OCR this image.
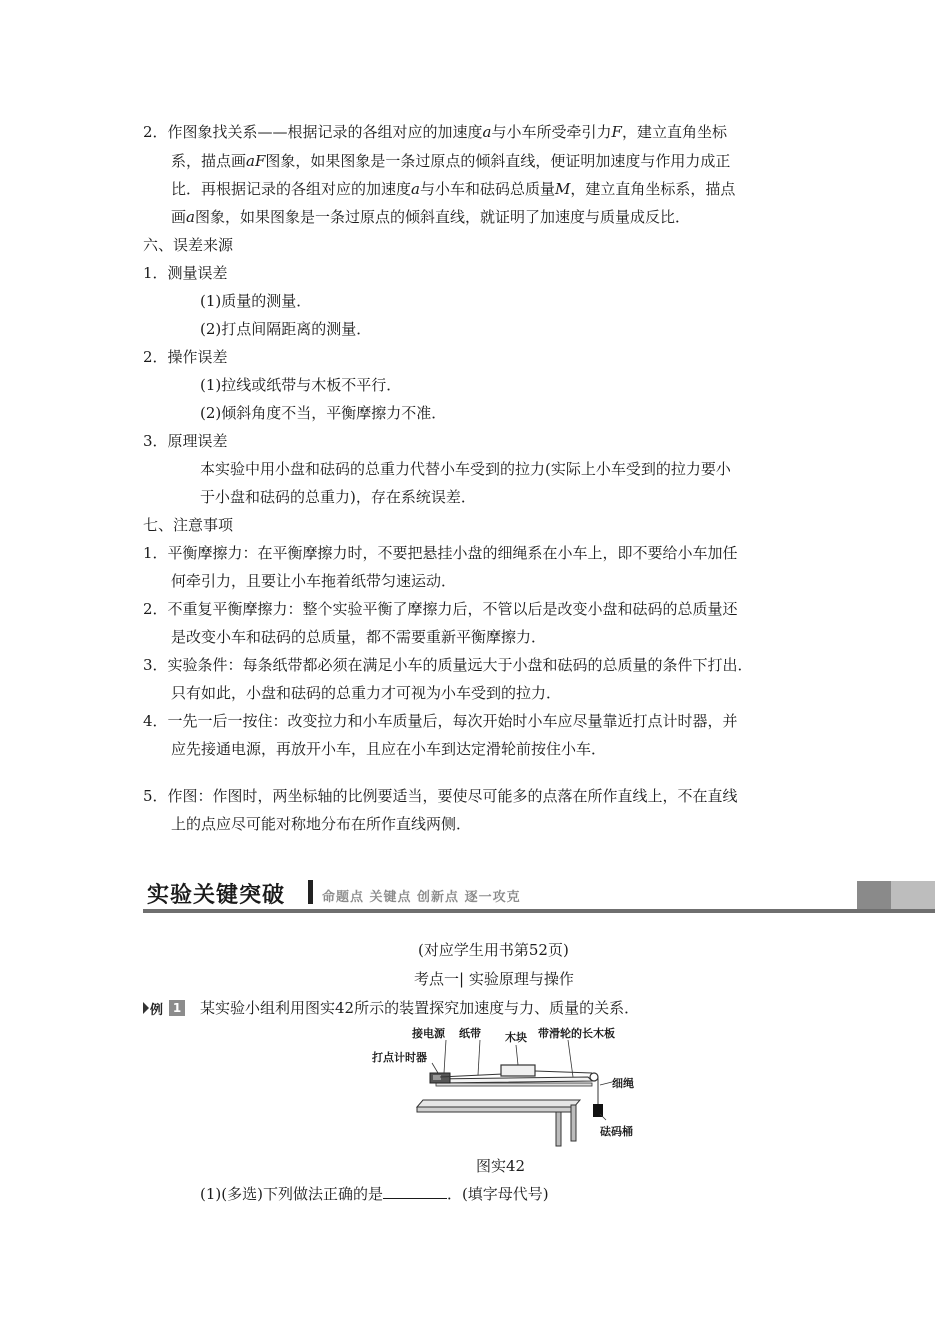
2．作图象找关系——根据记录的各组对应的加速度a与小车所受牵引力F，建立直角坐标
系，描点画aF图象，如果图象是一条过原点的倾斜直线，便证明加速度与作用力成正
比．再根据记录的各组对应的加速度a与小车和砝码总质量M，建立直角坐标系，描点
画a图象，如果图象是一条过原点的倾斜直线，就证明了加速度与质量成反比．
六、误差来源
1．测量误差
(1)质量的测量．
(2)打点间隔距离的测量．
2．操作误差
(1)拉线或纸带与木板不平行．
(2)倾斜角度不当，平衡摩擦力不准．
3．原理误差
本实验中用小盘和砝码的总重力代替小车受到的拉力(实际上小车受到的拉力要小
于小盘和砝码的总重力)，存在系统误差．
七、注意事项
1．平衡摩擦力：在平衡摩擦力时，不要把悬挂小盘的细绳系在小车上，即不要给小车加任
何牵引力，且要让小车拖着纸带匀速运动．
2．不重复平衡摩擦力：整个实验平衡了摩擦力后，不管以后是改变小盘和砝码的总质量还
是改变小车和砝码的总质量，都不需要重新平衡摩擦力．
3．实验条件：每条纸带都必须在满足小车的质量远大于小盘和砝码的总质量的条件下打出．
只有如此，小盘和砝码的总重力才可视为小车受到的拉力．
4．一先一后一按住：改变拉力和小车质量后，每次开始时小车应尽量靠近打点计时器，并
应先接通电源，再放开小车，且应在小车到达定滑轮前按住小车．
5．作图：作图时，两坐标轴的比例要适当，要使尽可能多的点落在所作直线上，不在直线
上的点应尽可能对称地分布在所作直线两侧．
实验关键突破	命题点 关键点 创新点 逐一攻克
(对应学生用书第52页)
考点一| 实验原理与操作
例 1 某实验小组利用图实42所示的装置探究加速度与力、质量的关系．
接电源 纸带 木块 带滑轮的长木板
打点计时器
细绳
砝码桶
图实42
(1)(多选)下列做法正确的是	．(填字母代号)
